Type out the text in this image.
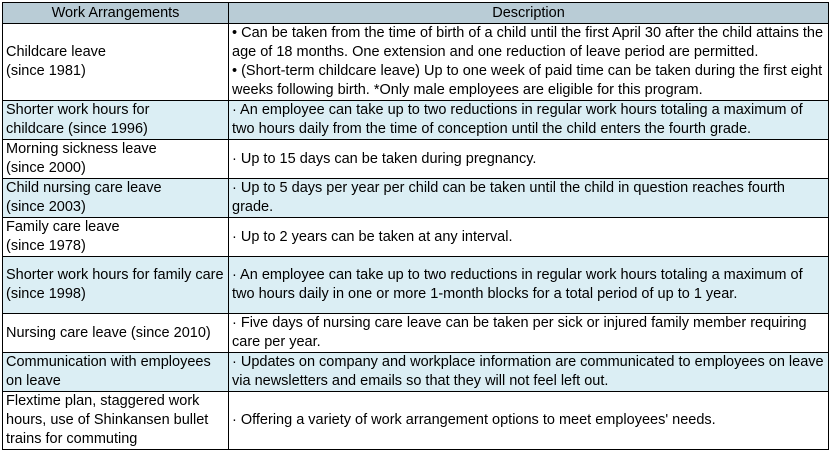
Work Arrangements	Description
Childcare leave
(since 1981)	• Can be taken from the time of birth of a child until the first April 30 after the child attains the age of 18 months. One extension and one reduction of leave period are permitted.
• (Short-term childcare leave) Up to one week of paid time can be taken during the first eight weeks following birth. *Only male employees are eligible for this program.
Shorter work hours for
childcare (since 1996)	· An employee can take up to two reductions in regular work hours totaling a maximum of two hours daily from the time of conception until the child enters the fourth grade.
Morning sickness leave
(since 2000)	· Up to 15 days can be taken during pregnancy.
Child nursing care leave
(since 2003)	· Up to 5 days per year per child can be taken until the child in question reaches fourth grade.
Family care leave
(since 1978)	· Up to 2 years can be taken at any interval.
Shorter work hours for family care
(since 1998)	· An employee can take up to two reductions in regular work hours totaling a maximum of two hours daily in one or more 1-month blocks for a total period of up to 1 year.
Nursing care leave (since 2010)	· Five days of nursing care leave can be taken per sick or injured family member requiring care per year.
Communication with employees on leave	· Updates on company and workplace information are communicated to employees on leave via newsletters and emails so that they will not feel left out.
Flextime plan, staggered work hours, use of Shinkansen bullet trains for commuting	· Offering a variety of work arrangement options to meet employees' needs.
